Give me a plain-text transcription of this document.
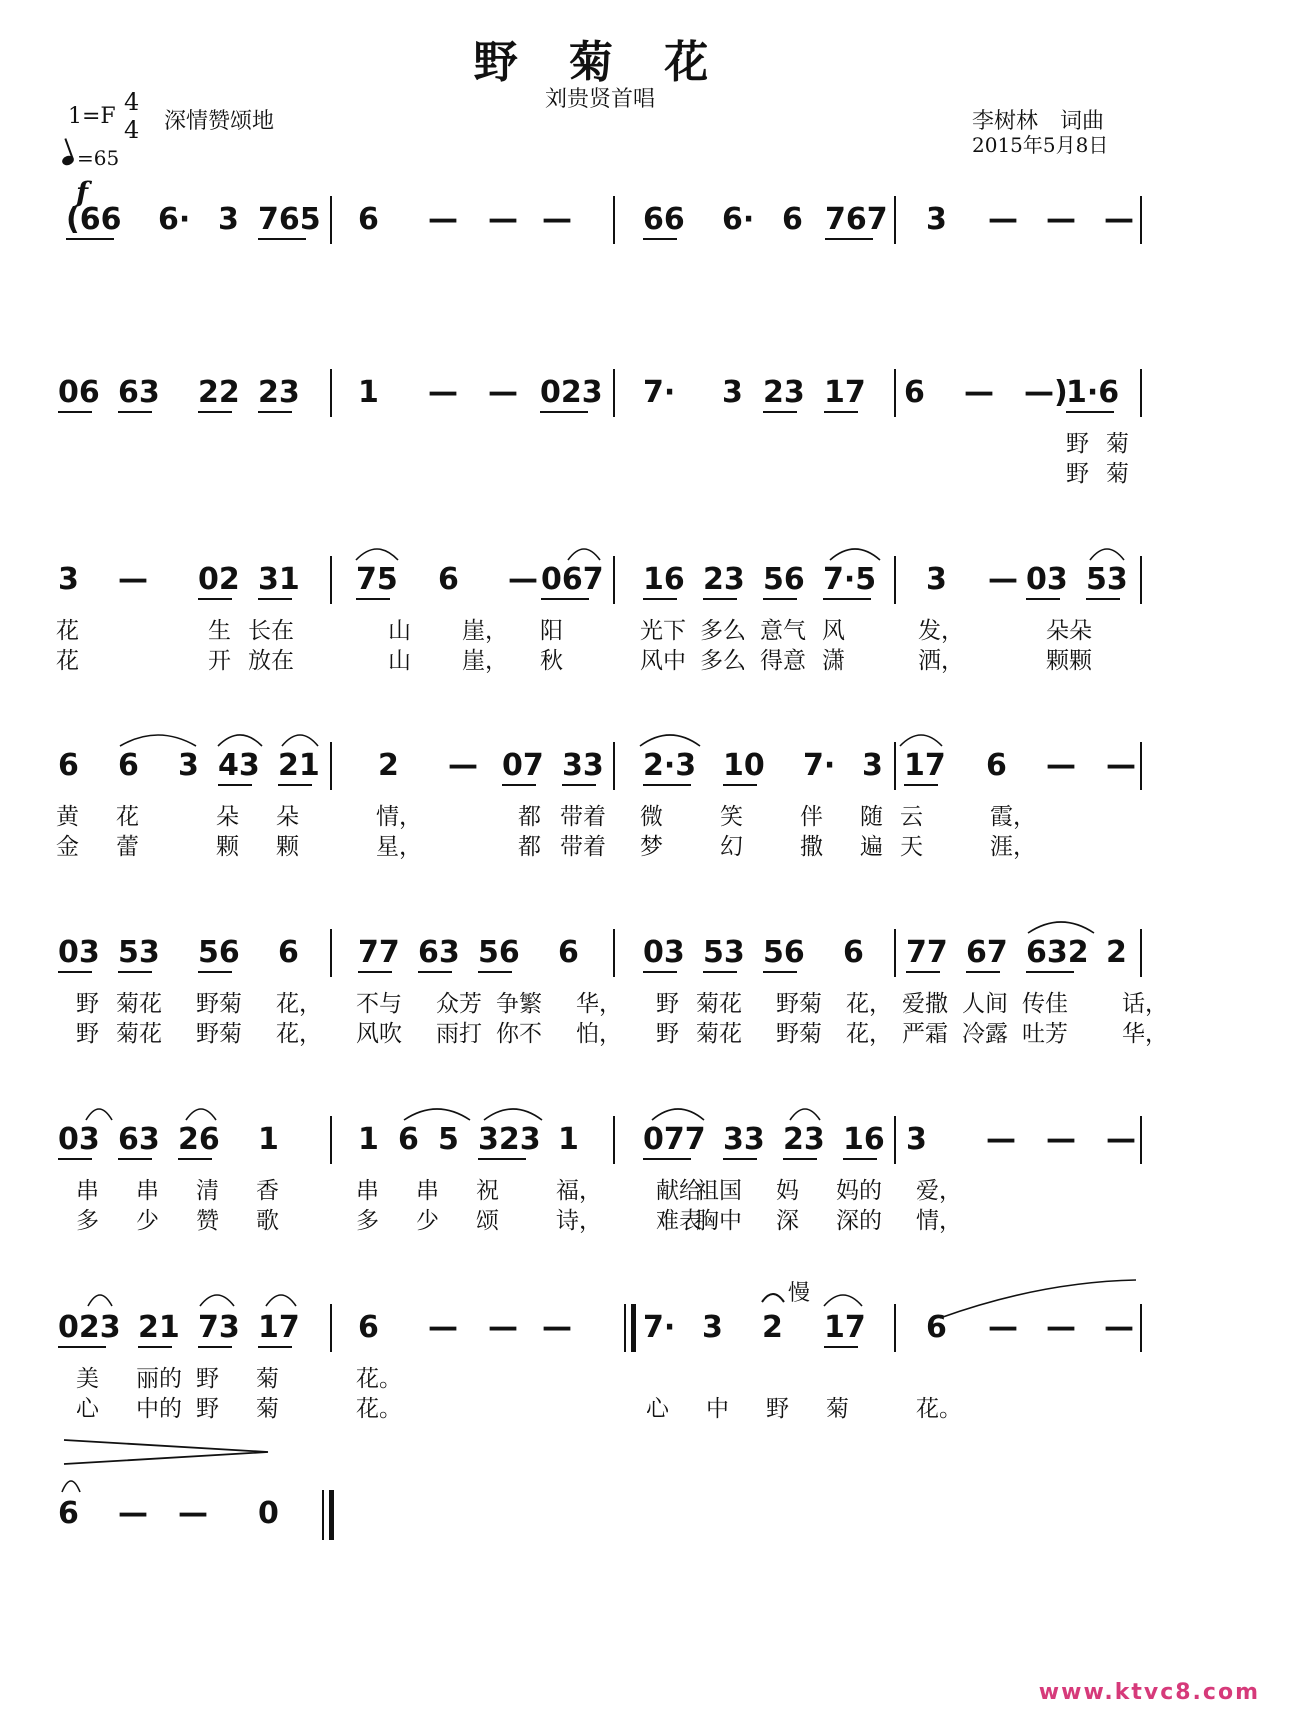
野 菊 花
刘贵贤首唱
1=F
4
4 深情赞颂地
=65
李树林　词曲
2015年5月8日
f
(66 6· 3 765 6 — — — 66 6· 6 767 3 — — —
06 63 22 23 1 — — 023 7· 3 23 17 6 — —)
1·6
野 菊
野 菊
3 — 02 31 75 6 — 067 16 23 56 7·5 3 — 03 53
花	生 长在	山 崖， 阳	光下 多么 意气 风	发，	朵朵
花	开 放在	山 崖， 秋	风中 多么 得意 潇	洒，	颗颗
6 6 3 43 21 2 — 07 33 2·3 10 7· 3 17 6 — —
黄 花	朵 朵	情，	都 带着 微 笑 伴 随 云	霞，
金 蕾	颗 颗	星，	都 带着 梦 幻 撒 遍 天	涯，
03 53 56 6 77 63 56 6 03 53 56 6 77 67 632 2
野 菊花 野菊 花， 不与 众芳 争繁 华， 野 菊花 野菊 花， 爱撒 人间 传佳 话，
野 菊花 野菊 花， 风吹 雨打 你不 怕， 野 菊花 野菊 花， 严霜 冷露 吐芳 华，
03 63 26 1	1 6 5 323 1 077 33 23 16 3 — — —
串 串 清 香	串 串 祝 福， 献给
祖国 妈 妈的 爱，
多 少 赞 歌	多 少 颂 诗， 难表
胸中 深 深的 情，
023 21 73 17 6 — — — 7· 3 2 17 6 — — —
慢
美 丽的 野 菊	花。
心 中的 野 菊	花。	心 中 野 菊	花。
6 — — 0
www.ktvc8.com
